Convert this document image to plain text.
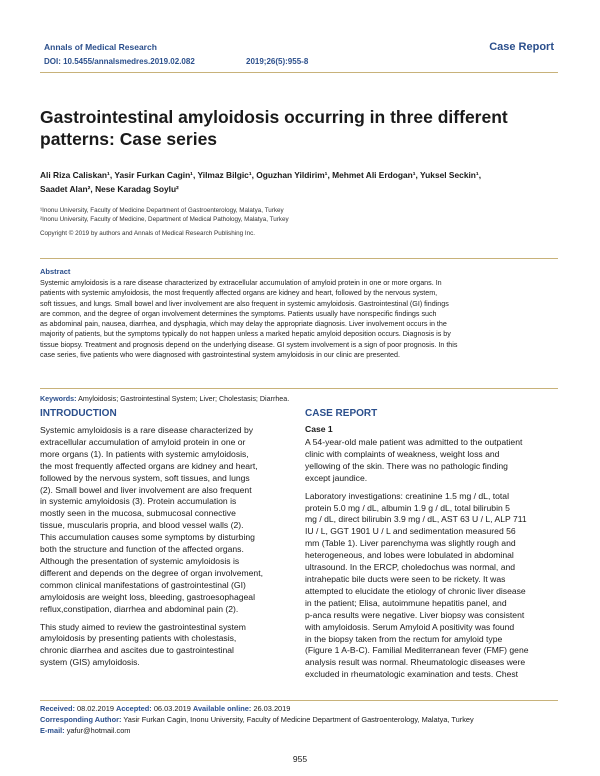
Annals of Medical Research
DOI: 10.5455/annalsmedres.2019.02.082	2019;26(5):955-8
Case Report
Gastrointestinal amyloidosis occurring in three different
patterns: Case series
Ali Riza Caliskan¹, Yasir Furkan Cagin¹, Yilmaz Bilgic¹, Oguzhan Yildirim¹, Mehmet Ali Erdogan¹, Yuksel Seckin¹,
Saadet Alan², Nese Karadag Soylu²
¹Inonu University, Faculty of Medicine Department of Gastroenterology, Malatya, Turkey
²Inonu University, Faculty of Medicine, Department of Medical Pathology, Malatya, Turkey
Copyright © 2019 by authors and Annals of Medical Research Publishing Inc.
Abstract
Systemic amyloidosis is a rare disease characterized by extracellular accumulation of amyloid protein in one or more organs. In
patients with systemic amyloidosis, the most frequently affected organs are kidney and heart, followed by the nervous system,
soft tissues, and lungs. Small bowel and liver involvement are also frequent in systemic amyloidosis. Gastrointestinal (GI) findings
are common, and the degree of organ involvement determines the symptoms. Patients usually have nonspecific findings such
as abdominal pain, nausea, diarrhea, and dysphagia, which may delay the appropriate diagnosis. Liver involvement occurs in the
majority of patients, but the symptoms typically do not happen unless a marked hepatic amyloid deposition occurs. Diagnosis is by
tissue biopsy. Treatment and prognosis depend on the underlying disease. GI system involvement is a sign of poor prognosis. In this
case series, five patients who were diagnosed with gastrointestinal system amyloidosis in our clinic are presented.
Keywords: Amyloidosis; Gastrointestinal System; Liver; Cholestasis; Diarrhea.
INTRODUCTION

Systemic amyloidosis is a rare disease characterized by
extracellular accumulation of amyloid protein in one or
more organs (1). In patients with systemic amyloidosis,
the most frequently affected organs are kidney and heart,
followed by the nervous system, soft tissues, and lungs
(2). Small bowel and liver involvement are also frequent
in systemic amyloidosis (3). Protein accumulation is
mostly seen in the mucosa, submucosal connective
tissue, muscularis propria, and blood vessel walls (2).
This accumulation causes some symptoms by disturbing
both the structure and function of the affected organs.
Although the presentation of systemic amyloidosis is
different and depends on the degree of organ involvement,
common clinical manifestations of gastrointestinal (GI)
amyloidosis are weight loss, bleeding, gastroesophageal
reflux,constipation, diarrhea and abdominal pain (2).

This study aimed to review the gastrointestinal system
amyloidosis by presenting patients with cholestasis,
chronic diarrhea and ascites due to gastrointestinal
system (GIS) amyloidosis.

CASE REPORT
Case 1

A 54-year-old male patient was admitted to the outpatient
clinic with complaints of weakness, weight loss and
yellowing of the skin. There was no pathologic finding
except jaundice.

Laboratory investigations: creatinine 1.5 mg / dL, total
protein 5.0 mg / dL, albumin 1.9 g / dL, total bilirubin 5
mg / dL, direct bilirubin 3.9 mg / dL, AST 63 U / L, ALP 711
IU / L, GGT 1901 U / L and sedimentation measured 56
mm (Table 1). Liver parenchyma was slightly rough and
heterogeneous, and lobes were lobulated in abdominal
ultrasound. In the ERCP, choledochus was normal, and
intrahepatic bile ducts were seen to be rickety. It was
attempted to elucidate the etiology of chronic liver disease
in the patient; Elisa, autoimmune hepatitis panel, and
p-anca results were negative. Liver biopsy was consistent
with amyloidosis. Serum Amyloid A positivity was found
in the biopsy taken from the rectum for amyloid type
(Figure 1 A-B-C). Familial Mediterranean fever (FMF) gene
analysis result was normal. Rheumatologic diseases were
excluded in rheumatologic examination and tests. Chest

Received: 08.02.2019 Accepted: 06.03.2019 Available online: 26.03.2019
Corresponding Author: Yasir Furkan Cagin, Inonu University, Faculty of Medicine Department of Gastroenterology, Malatya, Turkey
E-mail: yafur@hotmail.com
955
